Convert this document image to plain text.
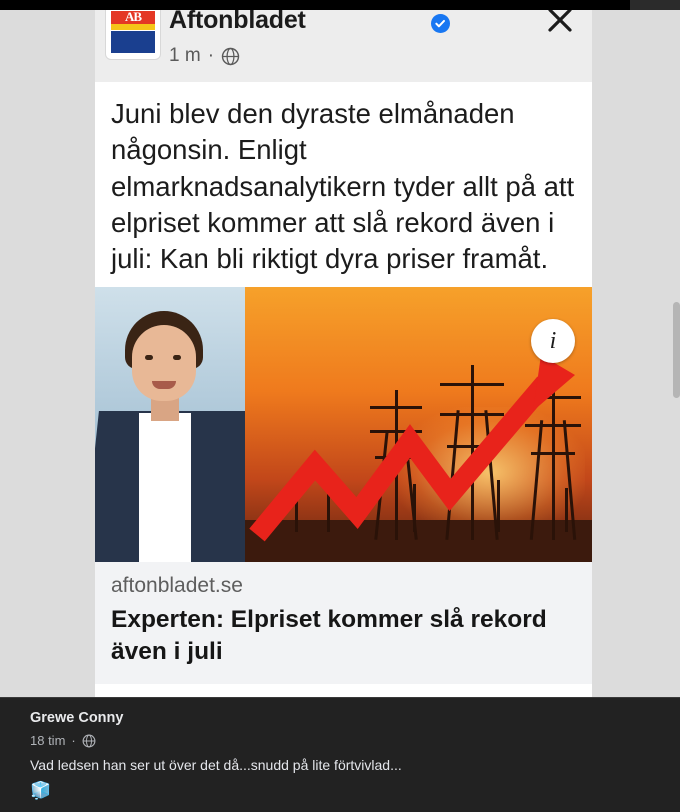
AB	Aftonbladet
1 m ·
Juni blev den dyraste elmånaden någonsin. Enligt elmarknadsanalytikern tyder allt på att elpriset kommer att slå rekord även i juli: Kan bli riktigt dyra priser framåt.
i
aftonbladet.se
Experten: Elpriset kommer slå rekord även i juli
Grewe Conny
18 tim ·
Vad ledsen han ser ut över det då...snudd på lite förtvivlad...
🧊
